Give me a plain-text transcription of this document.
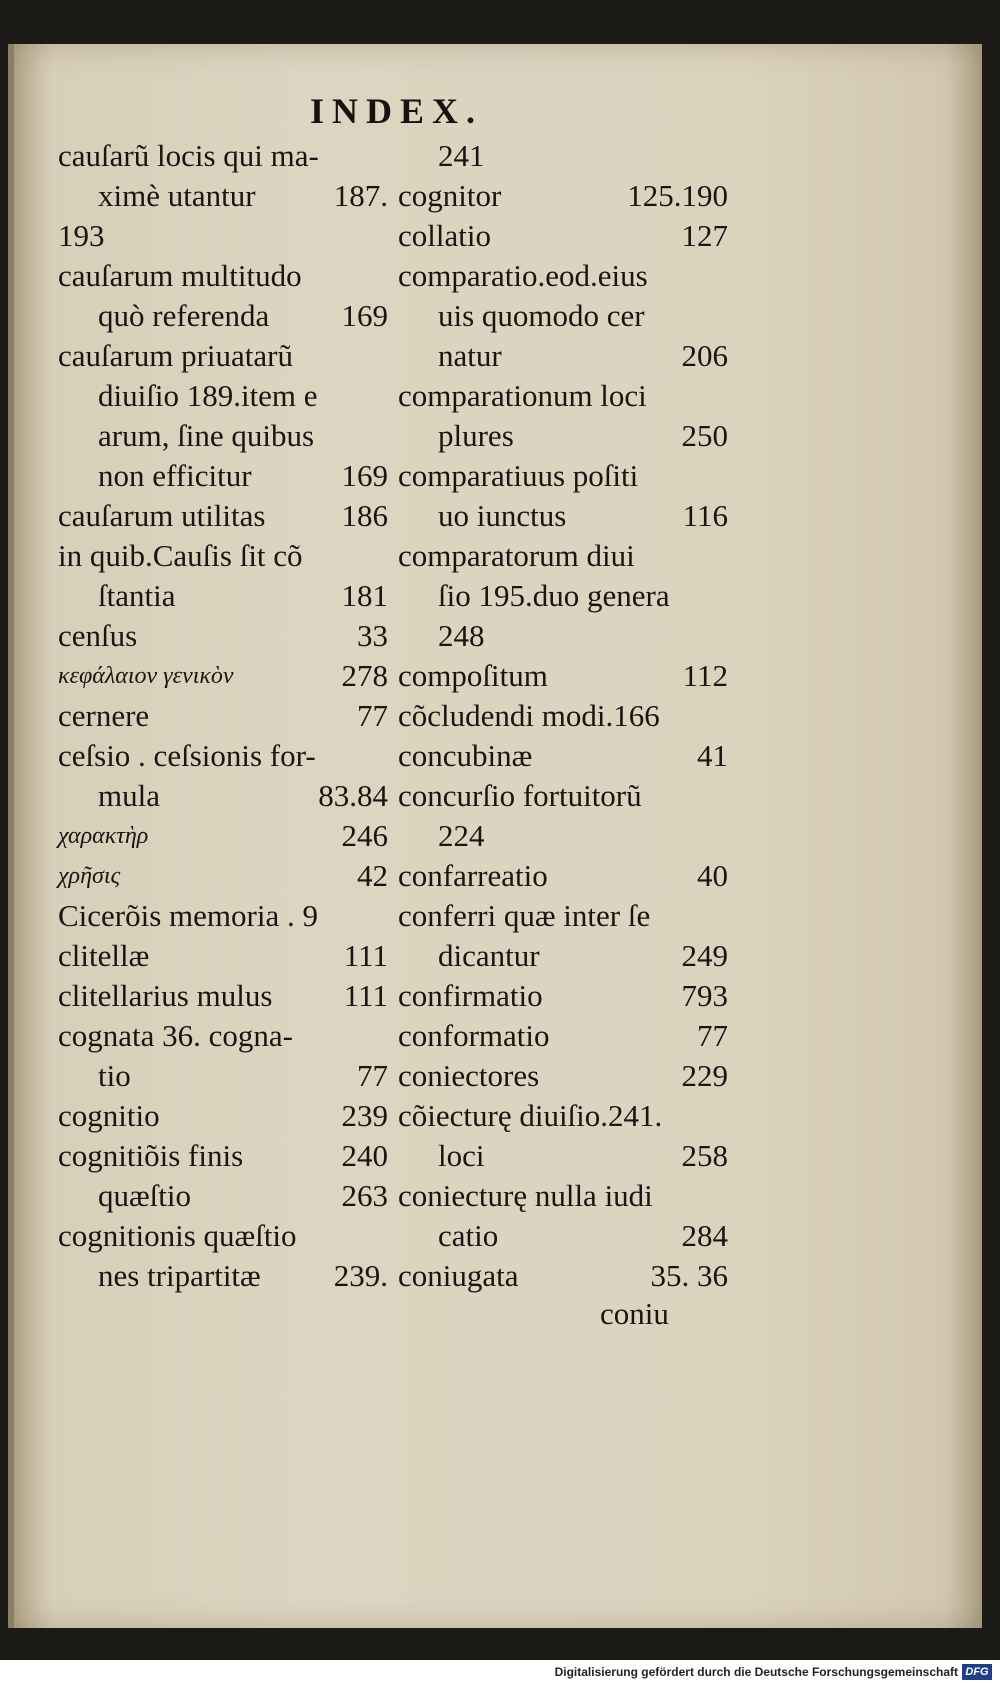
INDEX.
cauſarũ locis qui ma-
ximè utantur	187.
193
cauſarum multitudo
quò referenda 169
cauſarum priuatarũ
diuiſio 189.item e
arum, ſine quibus
non efficitur	169
cauſarum utilitas 186
in quib.Cauſis ſit cõ
ſtantia	181
cenſus	33
κεφάλαιον γενικὸν	278
cernere	77
ceſsio . ceſsionis for-
mula	83.84
χαρακτὴρ	246
χρῆσις	42
Cicerõis memoria . 9
clitellæ	111
clitellarius mulus 111
cognata 36. cogna-
tio	77
cognitio	239
cognitiõis finis	240
quæſtio	263
cognitionis quæſtio
nes tripartitæ 239.
241
cognitor	125.190
collatio	127
comparatio.eod.eius
uis quomodo cer
natur	206
comparationum loci
plures	250
comparatiuus poſiti
uo iunctus	116
comparatorum diui
ſio 195.duo genera
248
compoſitum	112
cõcludendi modi.166
concubinæ	41
concurſio fortuitorũ
224
confarreatio	40
conferri quæ inter ſe
dicantur	249
confirmatio	793
conformatio	77
coniectores	229
cõiecturę diuiſio.241.
loci	258
coniecturę nulla iudi
catio	284
coniugata	35. 36
coniu
Digitalisierung gefördert durch die Deutsche Forschungsgemeinschaft DFG
